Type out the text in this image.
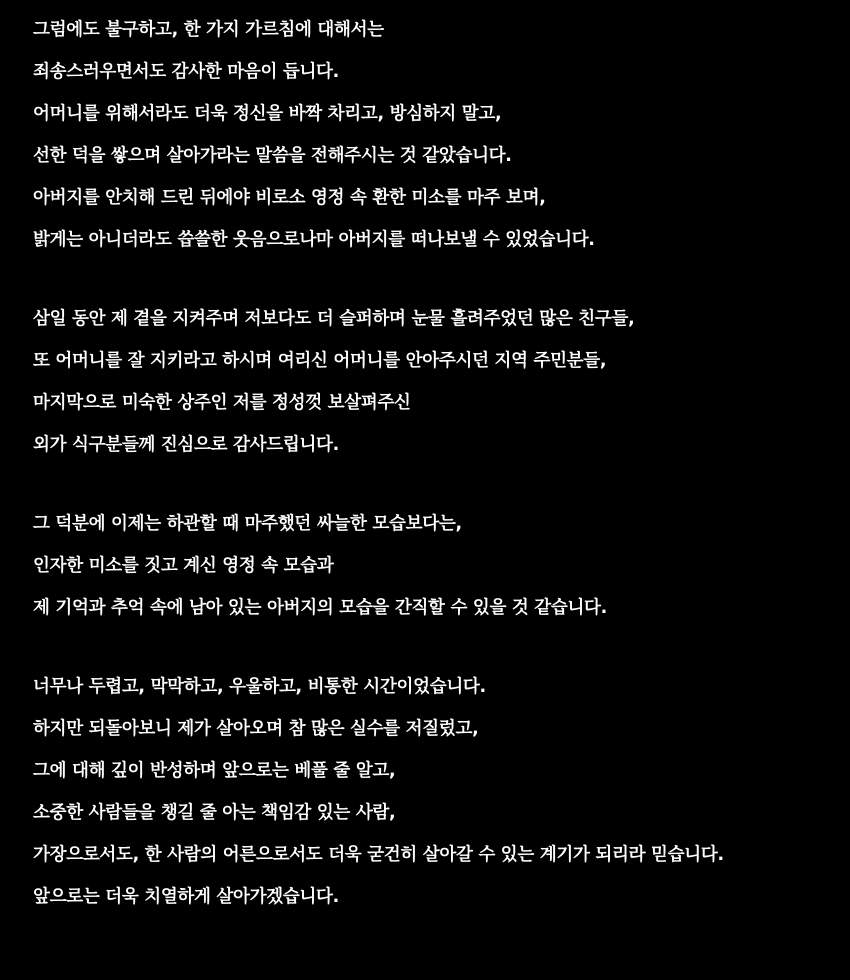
그럼에도 불구하고, 한 가지 가르침에 대해서는
죄송스러우면서도 감사한 마음이 듭니다.
어머니를 위해서라도 더욱 정신을 바짝 차리고, 방심하지 말고,
선한 덕을 쌓으며 살아가라는 말씀을 전해주시는 것 같았습니다.
아버지를 안치해 드린 뒤에야 비로소 영정 속 환한 미소를 마주 보며,
밝게는 아니더라도 씁쓸한 웃음으로나마 아버지를 떠나보낼 수 있었습니다.
삼일 동안 제 곁을 지켜주며 저보다도 더 슬퍼하며 눈물 흘려주었던 많은 친구들,
또 어머니를 잘 지키라고 하시며 여리신 어머니를 안아주시던 지역 주민분들,
마지막으로 미숙한 상주인 저를 정성껏 보살펴주신
외가 식구분들께 진심으로 감사드립니다.
그 덕분에 이제는 하관할 때 마주했던 싸늘한 모습보다는,
인자한 미소를 짓고 계신 영정 속 모습과
제 기억과 추억 속에 남아 있는 아버지의 모습을 간직할 수 있을 것 같습니다.
너무나 두렵고, 막막하고, 우울하고, 비통한 시간이었습니다.
하지만 되돌아보니 제가 살아오며 참 많은 실수를 저질렀고,
그에 대해 깊이 반성하며 앞으로는 베풀 줄 알고,
소중한 사람들을 챙길 줄 아는 책임감 있는 사람,
가장으로서도, 한 사람의 어른으로서도 더욱 굳건히 살아갈 수 있는 계기가 되리라 믿습니다.
앞으로는 더욱 치열하게 살아가겠습니다.
